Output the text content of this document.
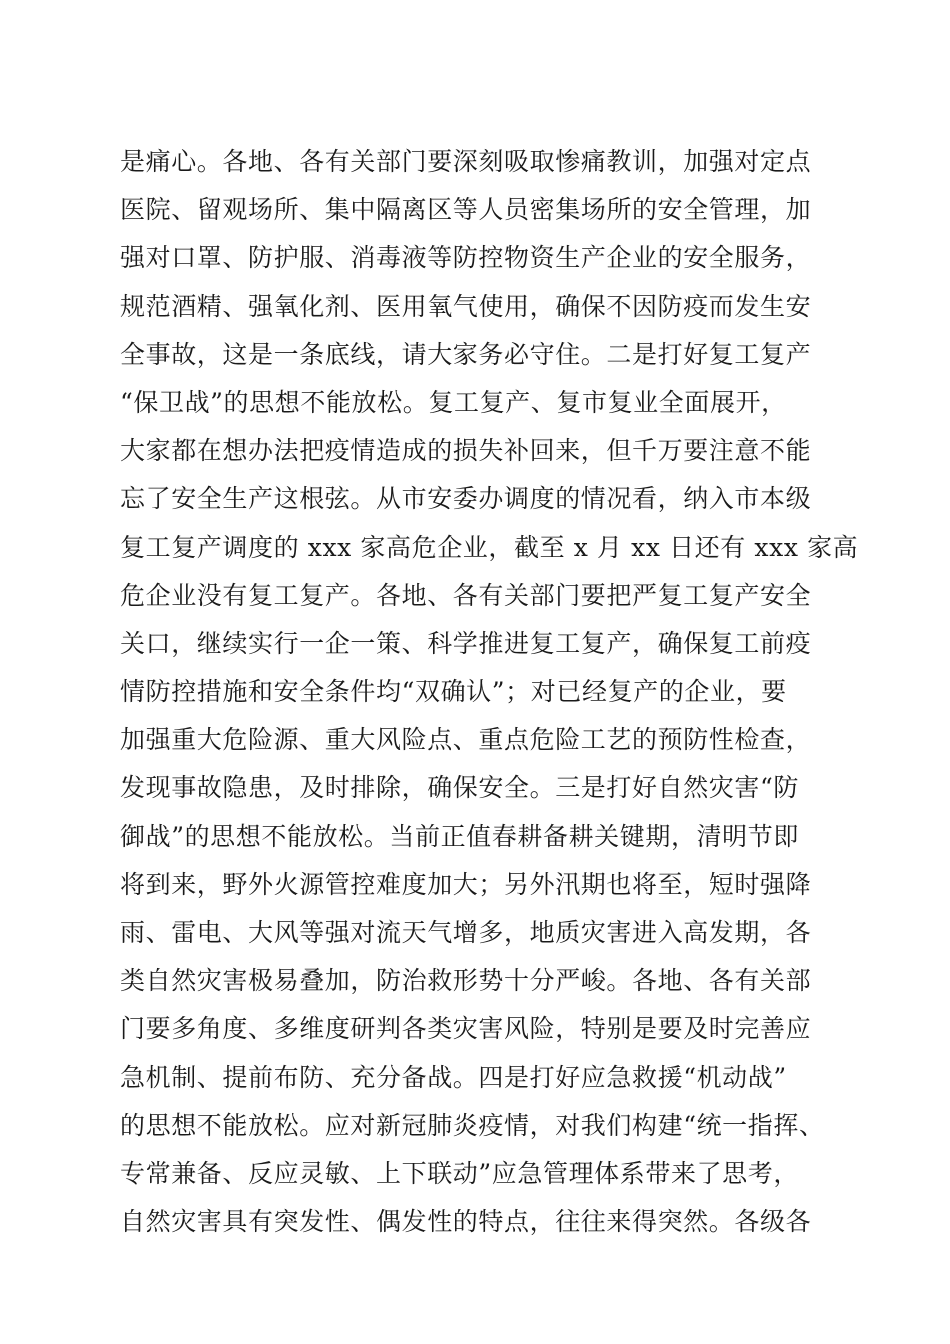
是痛心。各地、各有关部门要深刻吸取惨痛教训，加强对定点
医院、留观场所、集中隔离区等人员密集场所的安全管理，加
强对口罩、防护服、消毒液等防控物资生产企业的安全服务，
规范酒精、强氧化剂、医用氧气使用，确保不因防疫而发生安
全事故，这是一条底线，请大家务必守住。二是打好复工复产
“保卫战”的思想不能放松。复工复产、复市复业全面展开，
大家都在想办法把疫情造成的损失补回来，但千万要注意不能
忘了安全生产这根弦。从市安委办调度的情况看，纳入市本级
复工复产调度的 xxx 家高危企业，截至 x 月 xx 日还有 xxx 家高
危企业没有复工复产。各地、各有关部门要把严复工复产安全
关口，继续实行一企一策、科学推进复工复产，确保复工前疫
情防控措施和安全条件均“双确认”；对已经复产的企业，要
加强重大危险源、重大风险点、重点危险工艺的预防性检查，
发现事故隐患，及时排除，确保安全。三是打好自然灾害“防
御战”的思想不能放松。当前正值春耕备耕关键期，清明节即
将到来，野外火源管控难度加大；另外汛期也将至，短时强降
雨、雷电、大风等强对流天气增多，地质灾害进入高发期，各
类自然灾害极易叠加，防治救形势十分严峻。各地、各有关部
门要多角度、多维度研判各类灾害风险，特别是要及时完善应
急机制、提前布防、充分备战。四是打好应急救援“机动战”
的思想不能放松。应对新冠肺炎疫情，对我们构建“统一指挥、
专常兼备、反应灵敏、上下联动”应急管理体系带来了思考，
自然灾害具有突发性、偶发性的特点，往往来得突然。各级各
